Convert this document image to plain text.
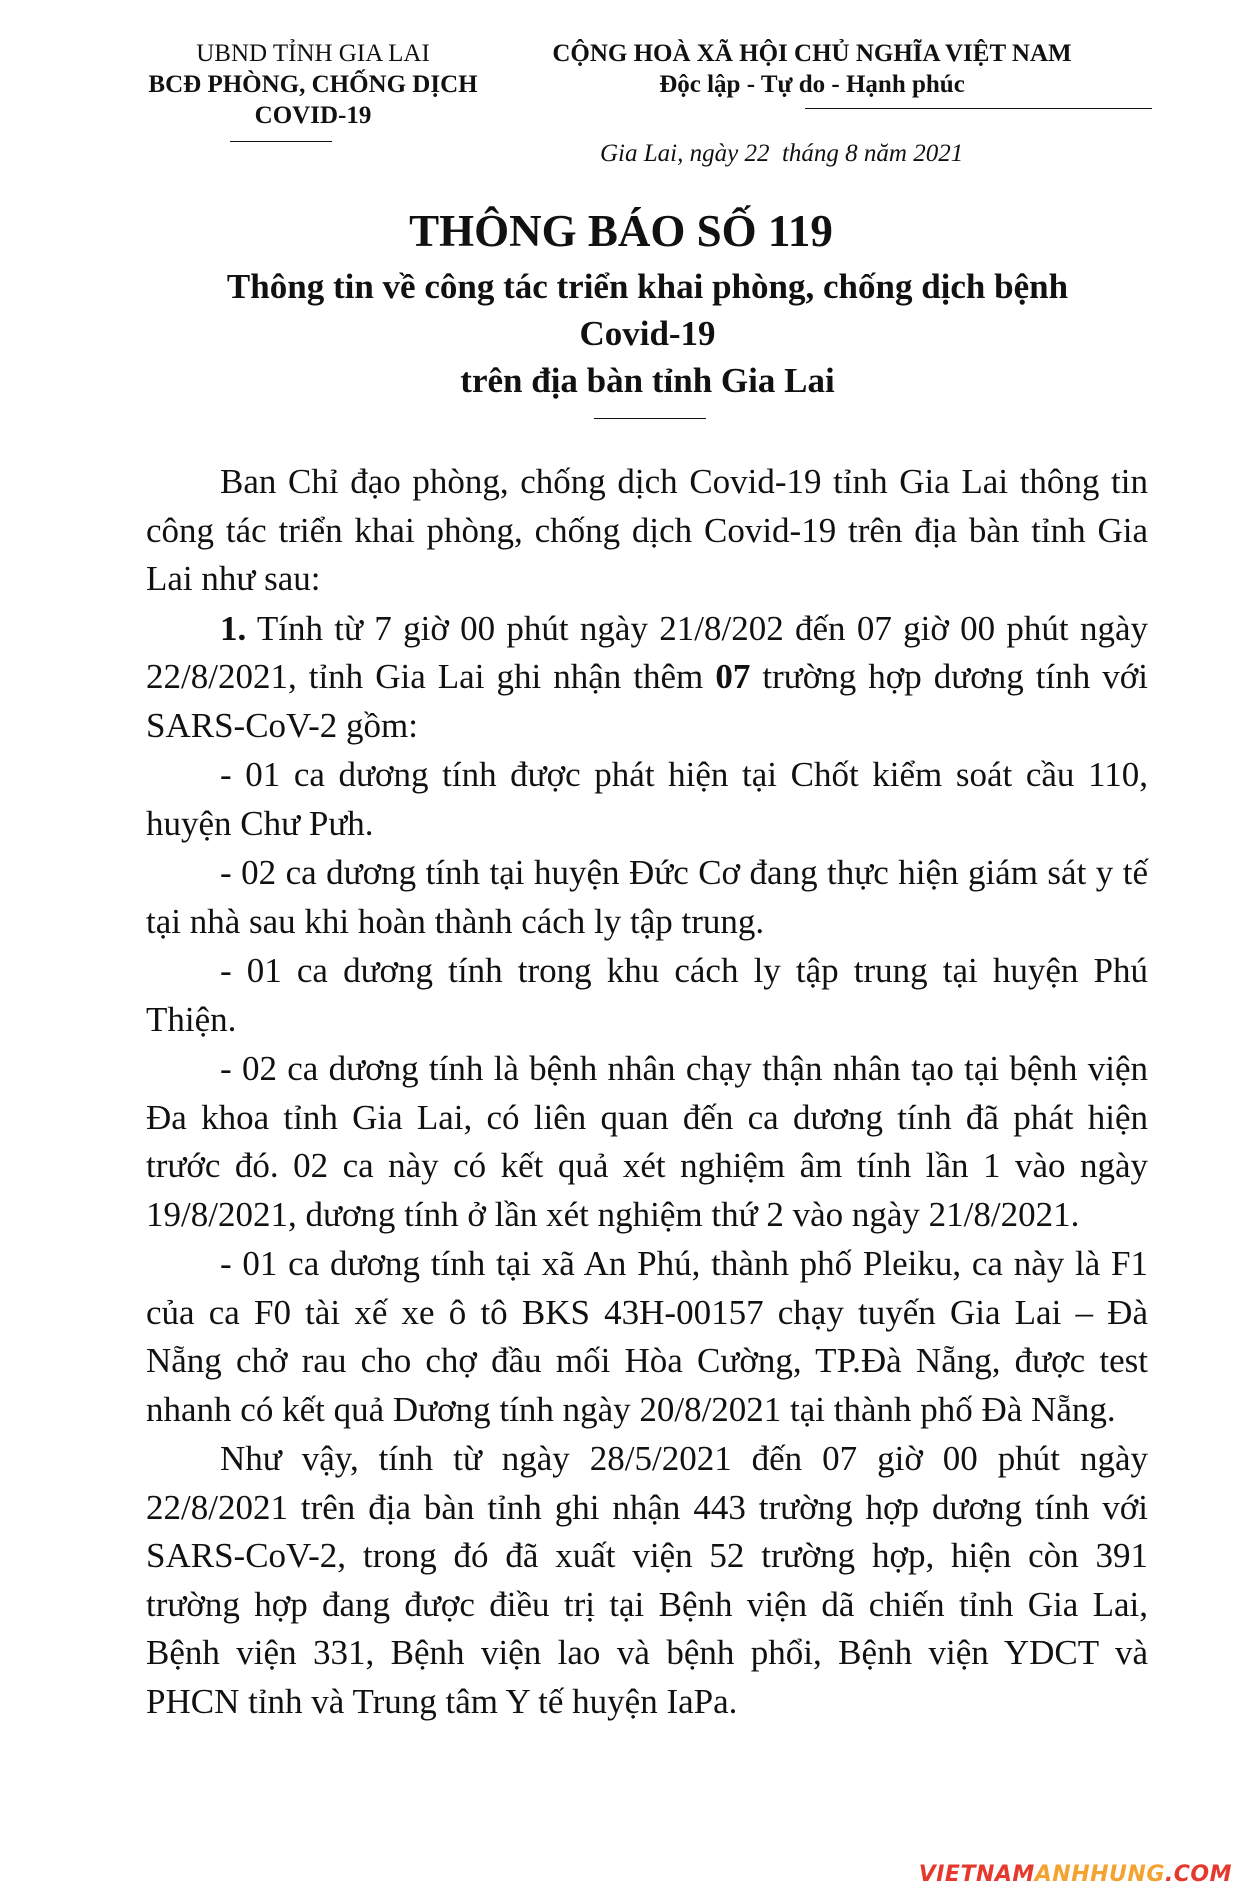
UBND TỈNH GIA LAI
BCĐ PHÒNG, CHỐNG DỊCH
COVID-19
CỘNG HOÀ XÃ HỘI CHỦ NGHĨA VIỆT NAM
Độc lập - Tự do - Hạnh phúc
Gia Lai, ngày 22  tháng 8 năm 2021
THÔNG BÁO SỐ 119
Thông tin về công tác triển khai phòng, chống dịch bệnh
Covid-19
trên địa bàn tỉnh Gia Lai

Ban Chỉ đạo phòng, chống dịch Covid-19 tỉnh Gia Lai thông tin công tác triển khai phòng, chống dịch Covid-19 trên địa bàn tỉnh Gia Lai như sau:

1. Tính từ 7 giờ 00 phút ngày 21/8/202 đến 07 giờ 00 phút ngày 22/8/2021, tỉnh Gia Lai ghi nhận thêm 07 trường hợp dương tính với SARS-CoV-2 gồm:

- 01 ca dương tính được phát hiện tại Chốt kiểm soát cầu 110, huyện Chư Pưh.

- 02 ca dương tính tại huyện Đức Cơ đang thực hiện giám sát y tế tại nhà sau khi hoàn thành cách ly tập trung.

- 01 ca dương tính trong khu cách ly tập trung tại huyện Phú Thiện.

- 02 ca dương tính là bệnh nhân chạy thận nhân tạo tại bệnh viện Đa khoa tỉnh Gia Lai, có liên quan đến ca dương tính đã phát hiện trước đó. 02 ca này có kết quả xét nghiệm âm tính lần 1 vào ngày 19/8/2021, dương tính ở lần xét nghiệm thứ 2 vào ngày 21/8/2021.

- 01 ca dương tính tại xã An Phú, thành phố Pleiku, ca này là F1 của ca F0 tài xế xe ô tô BKS 43H-00157 chạy tuyến Gia Lai – Đà Nẵng chở rau cho chợ đầu mối Hòa Cường, TP.Đà Nẵng, được test nhanh có kết quả Dương tính ngày 20/8/2021 tại thành phố Đà Nẵng.

Như vậy, tính từ ngày 28/5/2021 đến 07 giờ 00 phút ngày 22/8/2021 trên địa bàn tỉnh ghi nhận 443 trường hợp dương tính với SARS-CoV-2, trong đó đã xuất viện 52 trường hợp, hiện còn 391 trường hợp đang được điều trị tại Bệnh viện dã chiến tỉnh Gia Lai, Bệnh viện 331, Bệnh viện lao và bệnh phổi, Bệnh viện YDCT và PHCN tỉnh và Trung tâm Y tế huyện IaPa.

VIETNAMANHHUNG.COM
